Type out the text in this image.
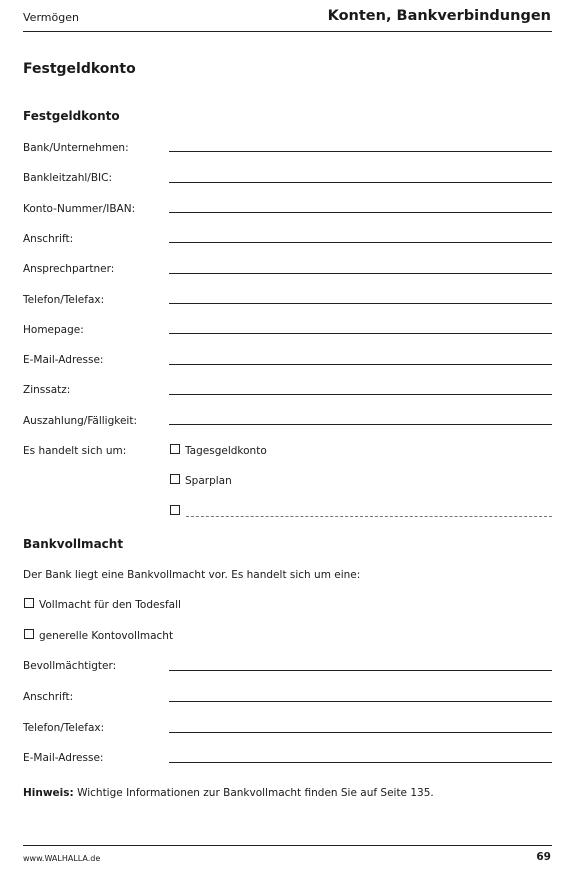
Vermögen	Konten, Bankverbindungen
Festgeldkonto
Festgeldkonto
Bank/Unternehmen:
Bankleitzahl/BIC:
Konto-Nummer/IBAN:
Anschrift:
Ansprechpartner:
Telefon/Telefax:
Homepage:
E-Mail-Adresse:
Zinssatz:
Auszahlung/Fälligkeit:
Es handelt sich um:	Tagesgeldkonto
Sparplan
Bankvollmacht
Der Bank liegt eine Bankvollmacht vor. Es handelt sich um eine:
Vollmacht für den Todesfall
generelle Kontovollmacht
Bevollmächtigter:
Anschrift:
Telefon/Telefax:
E-Mail-Adresse:
Hinweis: Wichtige Informationen zur Bankvollmacht finden Sie auf Seite 135.
www.WALHALLA.de	69
